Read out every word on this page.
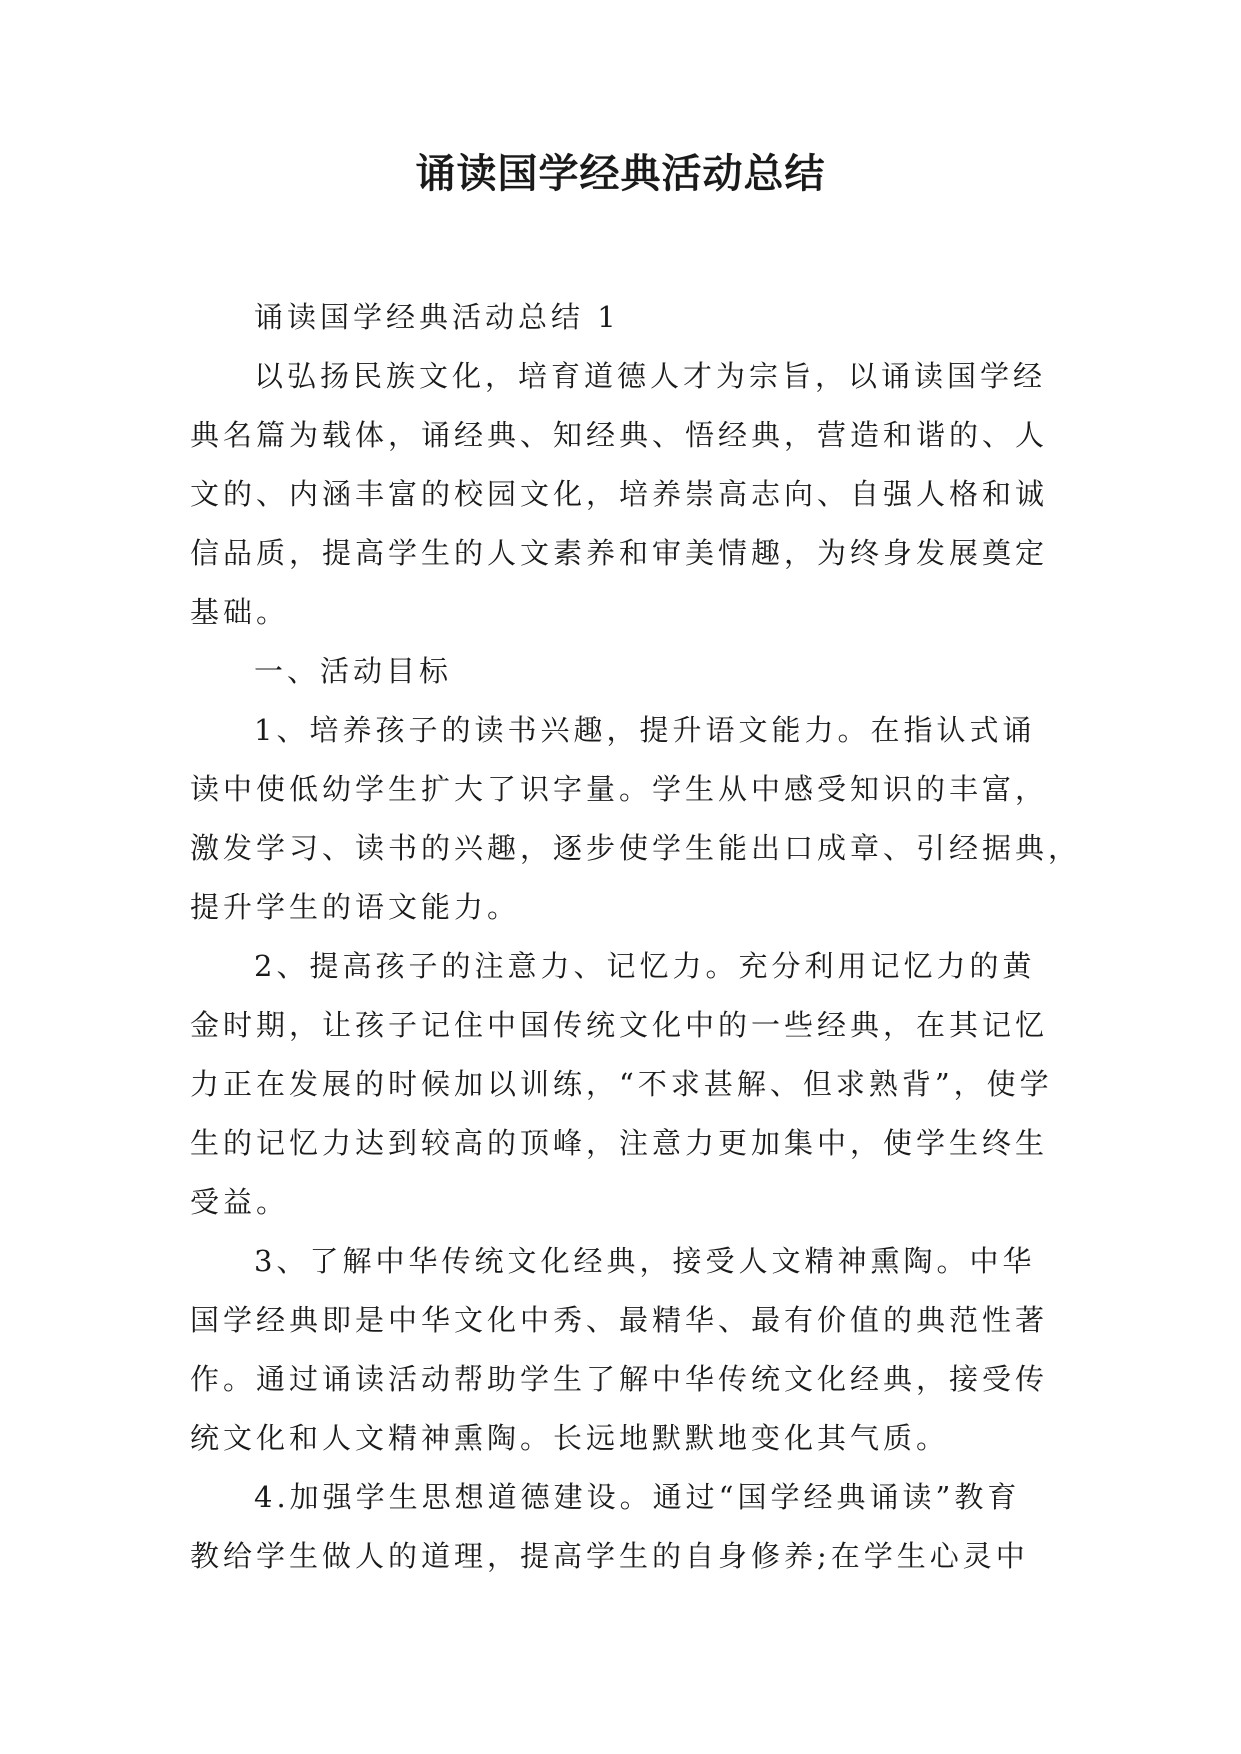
诵读国学经典活动总结

诵读国学经典活动总结 1

以弘扬民族文化，培育道德人才为宗旨，以诵读国学经
典名篇为载体，诵经典、知经典、悟经典，营造和谐的、人
文的、内涵丰富的校园文化，培养崇高志向、自强人格和诚
信品质，提高学生的人文素养和审美情趣，为终身发展奠定
基础。

一、活动目标

1、培养孩子的读书兴趣，提升语文能力。在指认式诵
读中使低幼学生扩大了识字量。学生从中感受知识的丰富，
激发学习、读书的兴趣，逐步使学生能出口成章、引经据典，
提升学生的语文能力。

2、提高孩子的注意力、记忆力。充分利用记忆力的黄
金时期，让孩子记住中国传统文化中的一些经典，在其记忆
力正在发展的时候加以训练，“不求甚解、但求熟背”，使学
生的记忆力达到较高的顶峰，注意力更加集中，使学生终生
受益。

3、了解中华传统文化经典，接受人文精神熏陶。中华
国学经典即是中华文化中秀、最精华、最有价值的典范性著
作。通过诵读活动帮助学生了解中华传统文化经典，接受传
统文化和人文精神熏陶。长远地默默地变化其气质。

4.加强学生思想道德建设。通过“国学经典诵读”教育
教给学生做人的道理，提高学生的自身修养;在学生心灵中
